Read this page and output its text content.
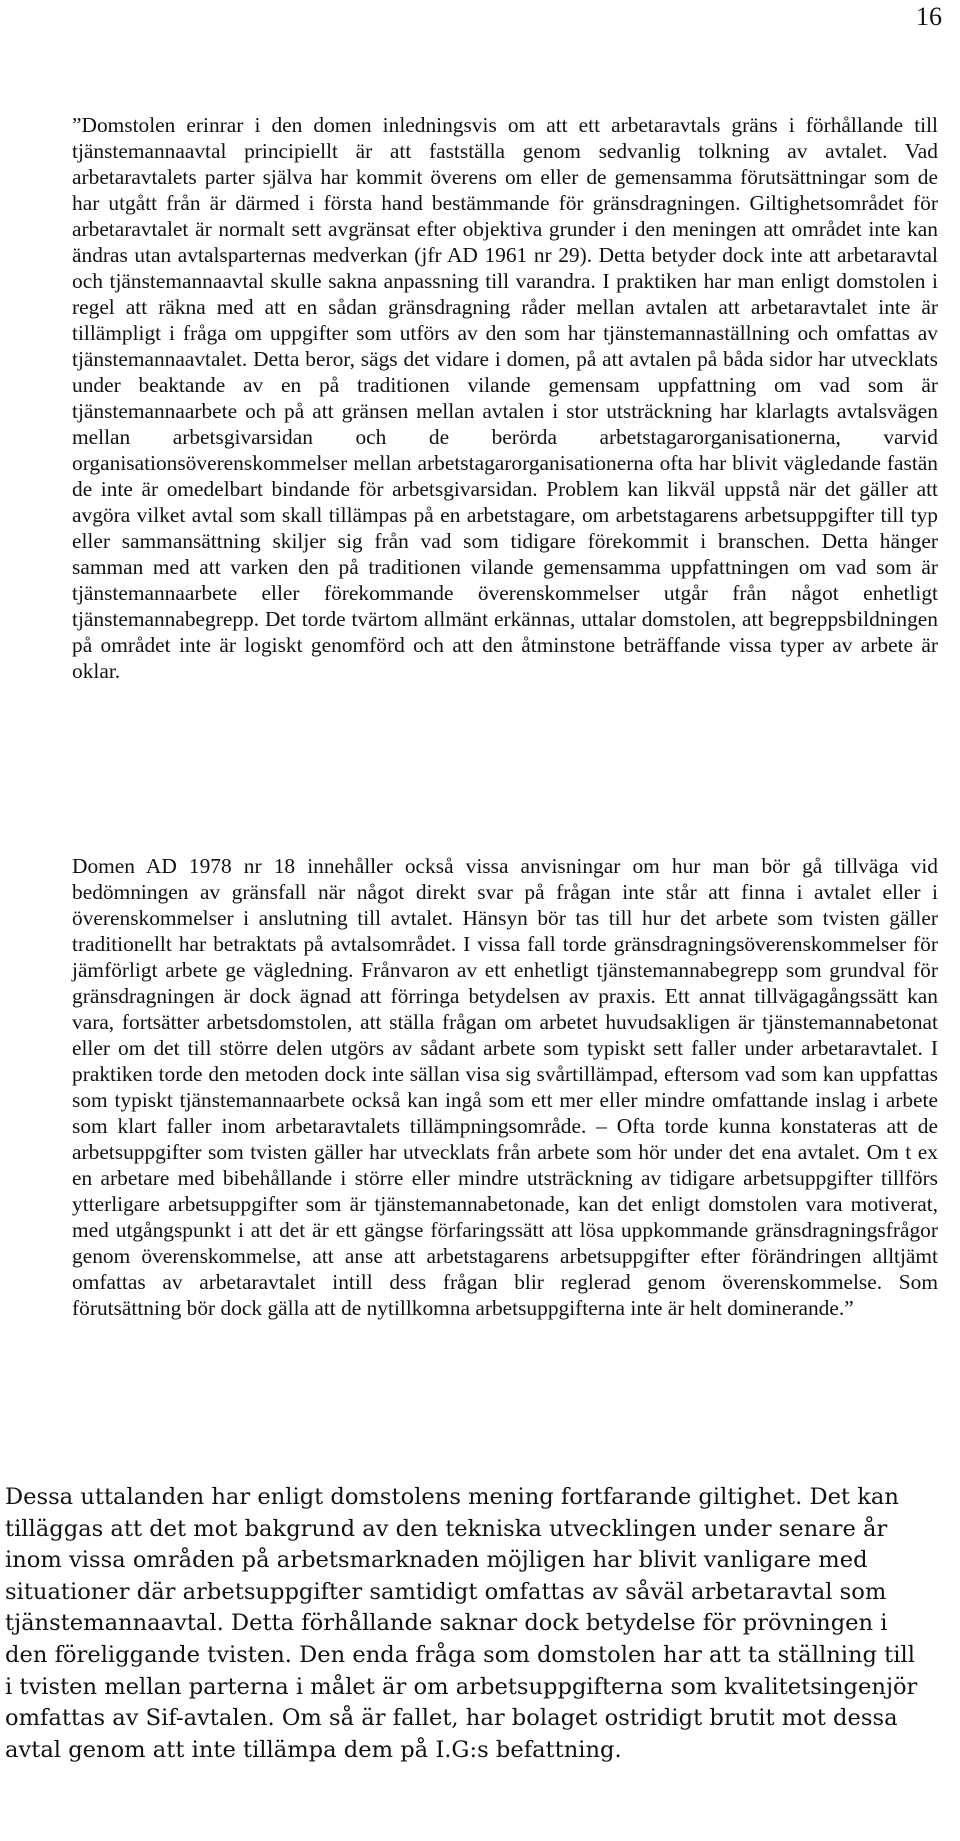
16

”Domstolen erinrar i den domen inledningsvis om att ett arbetaravtals gräns i förhållande till tjänstemannaavtal principiellt är att fastställa genom sedvanlig tolkning av avtalet. Vad arbetaravtalets parter själva har kommit överens om eller de gemensamma förutsättningar som de har utgått från är därmed i första hand bestämmande för gränsdragningen. Giltighetsområdet för arbetaravtalet är normalt sett avgränsat efter objektiva grunder i den meningen att området inte kan ändras utan avtalsparternas medverkan (jfr AD 1961 nr 29). Detta betyder dock inte att arbetaravtal och tjänstemannaavtal skulle sakna anpassning till varandra. I praktiken har man enligt domstolen i regel att räkna med att en sådan gränsdragning råder mellan avtalen att arbetaravtalet inte är tillämpligt i fråga om uppgifter som utförs av den som har tjänstemannaställning och omfattas av tjänstemannaavtalet. Detta beror, sägs det vidare i domen, på att avtalen på båda sidor har utvecklats under beaktande av en på traditionen vilande gemensam uppfattning om vad som är tjänstemannaarbete och på att gränsen mellan avtalen i stor utsträckning har klarlagts avtalsvägen mellan arbetsgivarsidan och de berörda arbetstagarorganisationerna, varvid organisationsöverenskommelser mellan arbetstagarorganisationerna ofta har blivit vägledande fastän de inte är omedelbart bindande för arbetsgivarsidan. Problem kan likväl uppstå när det gäller att avgöra vilket avtal som skall tillämpas på en arbetstagare, om arbetstagarens arbetsuppgifter till typ eller sammansättning skiljer sig från vad som tidigare förekommit i branschen. Detta hänger samman med att varken den på traditionen vilande gemensamma uppfattningen om vad som är tjänstemannaarbete eller förekommande överenskommelser utgår från något enhetligt tjänstemannabegrepp. Det torde tvärtom allmänt erkännas, uttalar domstolen, att begreppsbildningen på området inte är logiskt genomförd och att den åtminstone beträffande vissa typer av arbete är oklar.

Domen AD 1978 nr 18 innehåller också vissa anvisningar om hur man bör gå tillväga vid bedömningen av gränsfall när något direkt svar på frågan inte står att finna i avtalet eller i överenskommelser i anslutning till avtalet. Hänsyn bör tas till hur det arbete som tvisten gäller traditionellt har betraktats på avtalsområdet. I vissa fall torde gränsdragningsöverenskommelser för jämförligt arbete ge vägledning. Frånvaron av ett enhetligt tjänstemannabegrepp som grundval för gränsdragningen är dock ägnad att förringa betydelsen av praxis. Ett annat tillvägagångssätt kan vara, fortsätter arbetsdomstolen, att ställa frågan om arbetet huvudsakligen är tjänstemannabetonat eller om det till större delen utgörs av sådant arbete som typiskt sett faller under arbetaravtalet. I praktiken torde den metoden dock inte sällan visa sig svårtillämpad, eftersom vad som kan uppfattas som typiskt tjänstemannaarbete också kan ingå som ett mer eller mindre omfattande inslag i arbete som klart faller inom arbetaravtalets tillämpningsområde. – Ofta torde kunna konstateras att de arbetsuppgifter som tvisten gäller har utvecklats från arbete som hör under det ena avtalet. Om t ex en arbetare med bibehållande i större eller mindre utsträckning av tidigare arbetsuppgifter tillförs ytterligare arbetsuppgifter som är tjänstemannabetonade, kan det enligt domstolen vara motiverat, med utgångspunkt i att det är ett gängse förfaringssätt att lösa uppkommande gränsdragningsfrågor genom överenskommelse, att anse att arbetstagarens arbetsuppgifter efter förändringen alltjämt omfattas av arbetaravtalet intill dess frågan blir reglerad genom överenskommelse. Som förutsättning bör dock gälla att de nytillkomna arbetsuppgifterna inte är helt dominerande.”

Dessa uttalanden har enligt domstolens mening fortfarande giltighet. Det kan tilläggas att det mot bakgrund av den tekniska utvecklingen under senare år inom vissa områden på arbetsmarknaden möjligen har blivit vanligare med situationer där arbetsuppgifter samtidigt omfattas av såväl arbetaravtal som tjänstemannaavtal. Detta förhållande saknar dock betydelse för prövningen i den föreliggande tvisten. Den enda fråga som domstolen har att ta ställning till i tvisten mellan parterna i målet är om arbetsuppgifterna som kvalitetsingenjör omfattas av Sif-avtalen. Om så är fallet, har bolaget ostridigt brutit mot dessa avtal genom att inte tillämpa dem på I.G:s befattning.
